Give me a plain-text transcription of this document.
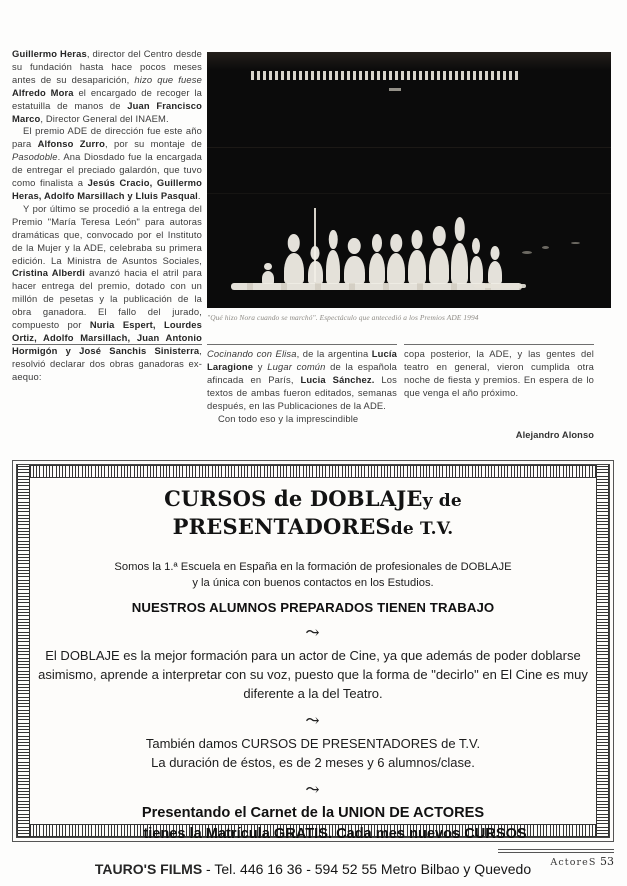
Guillermo Heras, director del Centro desde su fundación hasta hace pocos meses antes de su desaparición, hizo que fuese Alfredo Mora el encargado de recoger la estatuilla de manos de Juan Francisco Marco, Director General del INAEM.

El premio ADE de dirección fue este año para Alfonso Zurro, por su montaje de Pasodoble. Ana Diosdado fue la encargada de entregar el preciado galardón, que tuvo como finalista a Jesús Cracio, Guillermo Heras, Adolfo Marsillach y Lluis Pasqual.

Y por último se procedió a la entrega del Premio "María Teresa León" para autoras dramáticas que, convocado por el Instituto de la Mujer y la ADE, celebraba su primera edición. La Ministra de Asuntos Sociales, Cristina Alberdi avanzó hacia el atril para hacer entrega del premio, dotado con un millón de pesetas y la publicación de la obra ganadora. El fallo del jurado, compuesto por Nuria Espert, Lourdes Ortiz, Adolfo Marsillach, Juan Antonio Hormigón y José Sanchis Sinisterra, resolvió declarar dos obras ganadoras ex-aequo:

"Qué hizo Nora cuando se marchó". Espectáculo que antecedió a los Premios ADE 1994

Cocinando con Elisa, de la argentina Lucía Laragione y Lugar común de la española afincada en París, Lucia Sánchez. Los textos de ambas fueron editados, semanas después, en las Publicaciones de la ADE.

Con todo eso y la imprescindible

copa posterior, la ADE, y las gentes del teatro en general, vieron cumplida otra noche de fiesta y premios. En espera de lo que venga el año próximo.

Alejandro Alonso
CURSOS de DOBLAJEy de
PRESENTADORESde T.V.
Somos la 1.ª Escuela en España en la formación de profesionales de DOBLAJE
y la única con buenos contactos en los Estudios.
NUESTROS ALUMNOS PREPARADOS TIENEN TRABAJO
⤳
El DOBLAJE es la mejor formación para un actor de Cine, ya que además de poder doblarse asimismo, aprende a interpretar con su voz, puesto que la forma de "decirlo" en El Cine es muy diferente a la del Teatro.
⤳
También damos CURSOS DE PRESENTADORES de T.V.
La duración de éstos, es de 2 meses y 6 alumnos/clase.
⤳
Presentando el Carnet de la UNION DE ACTORES
tienes la Matrícula GRATIS. Cada mes nuevos CURSOS
TAURO'S FILMS - Tel. 446 16 36 - 594 52 55 Metro Bilbao y Quevedo	ActoreS 53
